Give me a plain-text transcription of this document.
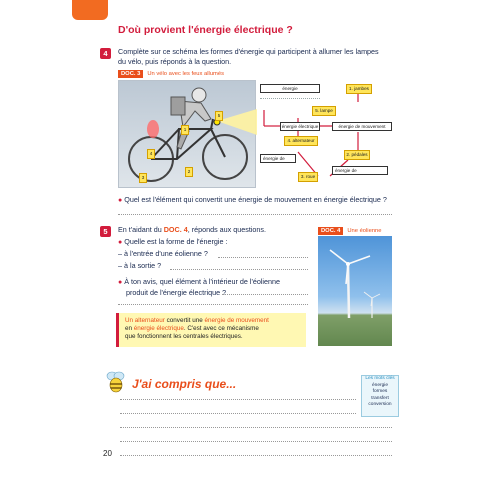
D'où provient l'énergie électrique ?
4	Complète sur ce schéma les formes d'énergie qui participent à allumer les lampes
du vélo, puis réponds à la question.
DOC. 3	Un vélo avec les feux allumés
1
2
3
4
5
énergie	1. jambes
5. lampe
énergie de mouvement
énergie électrique
4. alternateur
énergie de
2. pédales
énergie de
3. roue
● Quel est l'élément qui convertit une énergie de mouvement en énergie électrique ?
5	En t'aidant du DOC. 4, réponds aux questions.
● Quelle est la forme de l'énergie :
– à l'entrée d'une éolienne ?
– à la sortie ?
● À ton avis, quel élément à l'intérieur de l'éolienne
produit de l'énergie électrique ?
DOC. 4	Une éolienne
Un alternateur convertit une énergie de mouvement
en énergie électrique. C'est avec ce mécanisme
que fonctionnent les centrales électriques.
J'ai compris que...	Les mots clés
énergie
formes
transfert
conversion
20
